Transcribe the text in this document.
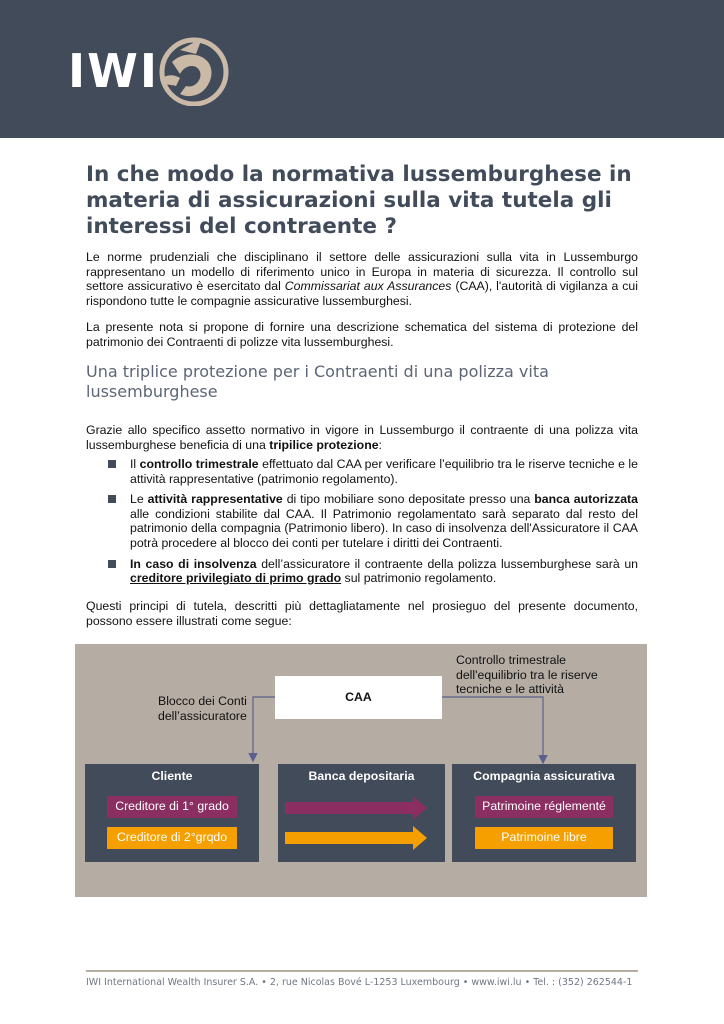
IWI
In che modo la normativa lussemburghese in materia di assicurazioni sulla vita tutela gli interessi del contraente ?

Le norme prudenziali che disciplinano il settore delle assicurazioni sulla vita in Lussemburgo rappresentano un modello di riferimento unico in Europa in materia di sicurezza. Il controllo sul settore assicurativo è esercitato dal Commissariat aux Assurances (CAA), l'autorità di vigilanza a cui rispondono tutte le compagnie assicurative lussemburghesi.

La presente nota si propone di fornire una descrizione schematica del sistema di protezione del patrimonio dei Contraenti di polizze vita lussemburghesi.

Una triplice protezione per i Contraenti di una polizza vita lussemburghese

Grazie allo specifico assetto normativo in vigore in Lussemburgo il contraente di una polizza vita lussemburghese beneficia di una tripilice protezione:

Il controllo trimestrale effettuato dal CAA per verificare l’equilibrio tra le riserve tecniche e le attività rappresentative (patrimonio regolamento).
Le attività rappresentative di tipo mobiliare sono depositate presso una banca autorizzata alle condizioni stabilite dal CAA. Il Patrimonio regolamentato sarà separato dal resto del patrimonio della compagnia (Patrimonio libero). In caso di insolvenza dell'Assicuratore il CAA potrà procedere al blocco dei conti per tutelare i diritti dei Contraenti.
In caso di insolvenza dell’assicuratore il contraente della polizza lussemburghese sarà un creditore privilegiato di primo grado sul patrimonio regolamento.

Questi principi di tutela, descritti più dettagliatamente nel prosieguo del presente documento, possono essere illustrati come segue:

CAA
Blocco dei Conti dell’assicuratore
Controllo trimestrale dell'equilibrio tra le riserve tecniche e le attività
Cliente
Creditore di 1° grado
Creditore di 2°grqdo
Banca depositaria	Compagnia assicurativa
Patrimoine réglementé
Patrimoine libre
IWI International Wealth Insurer S.A. • 2, rue Nicolas Bové L-1253 Luxembourg • www.iwi.lu • Tel. : (352) 262544-1
